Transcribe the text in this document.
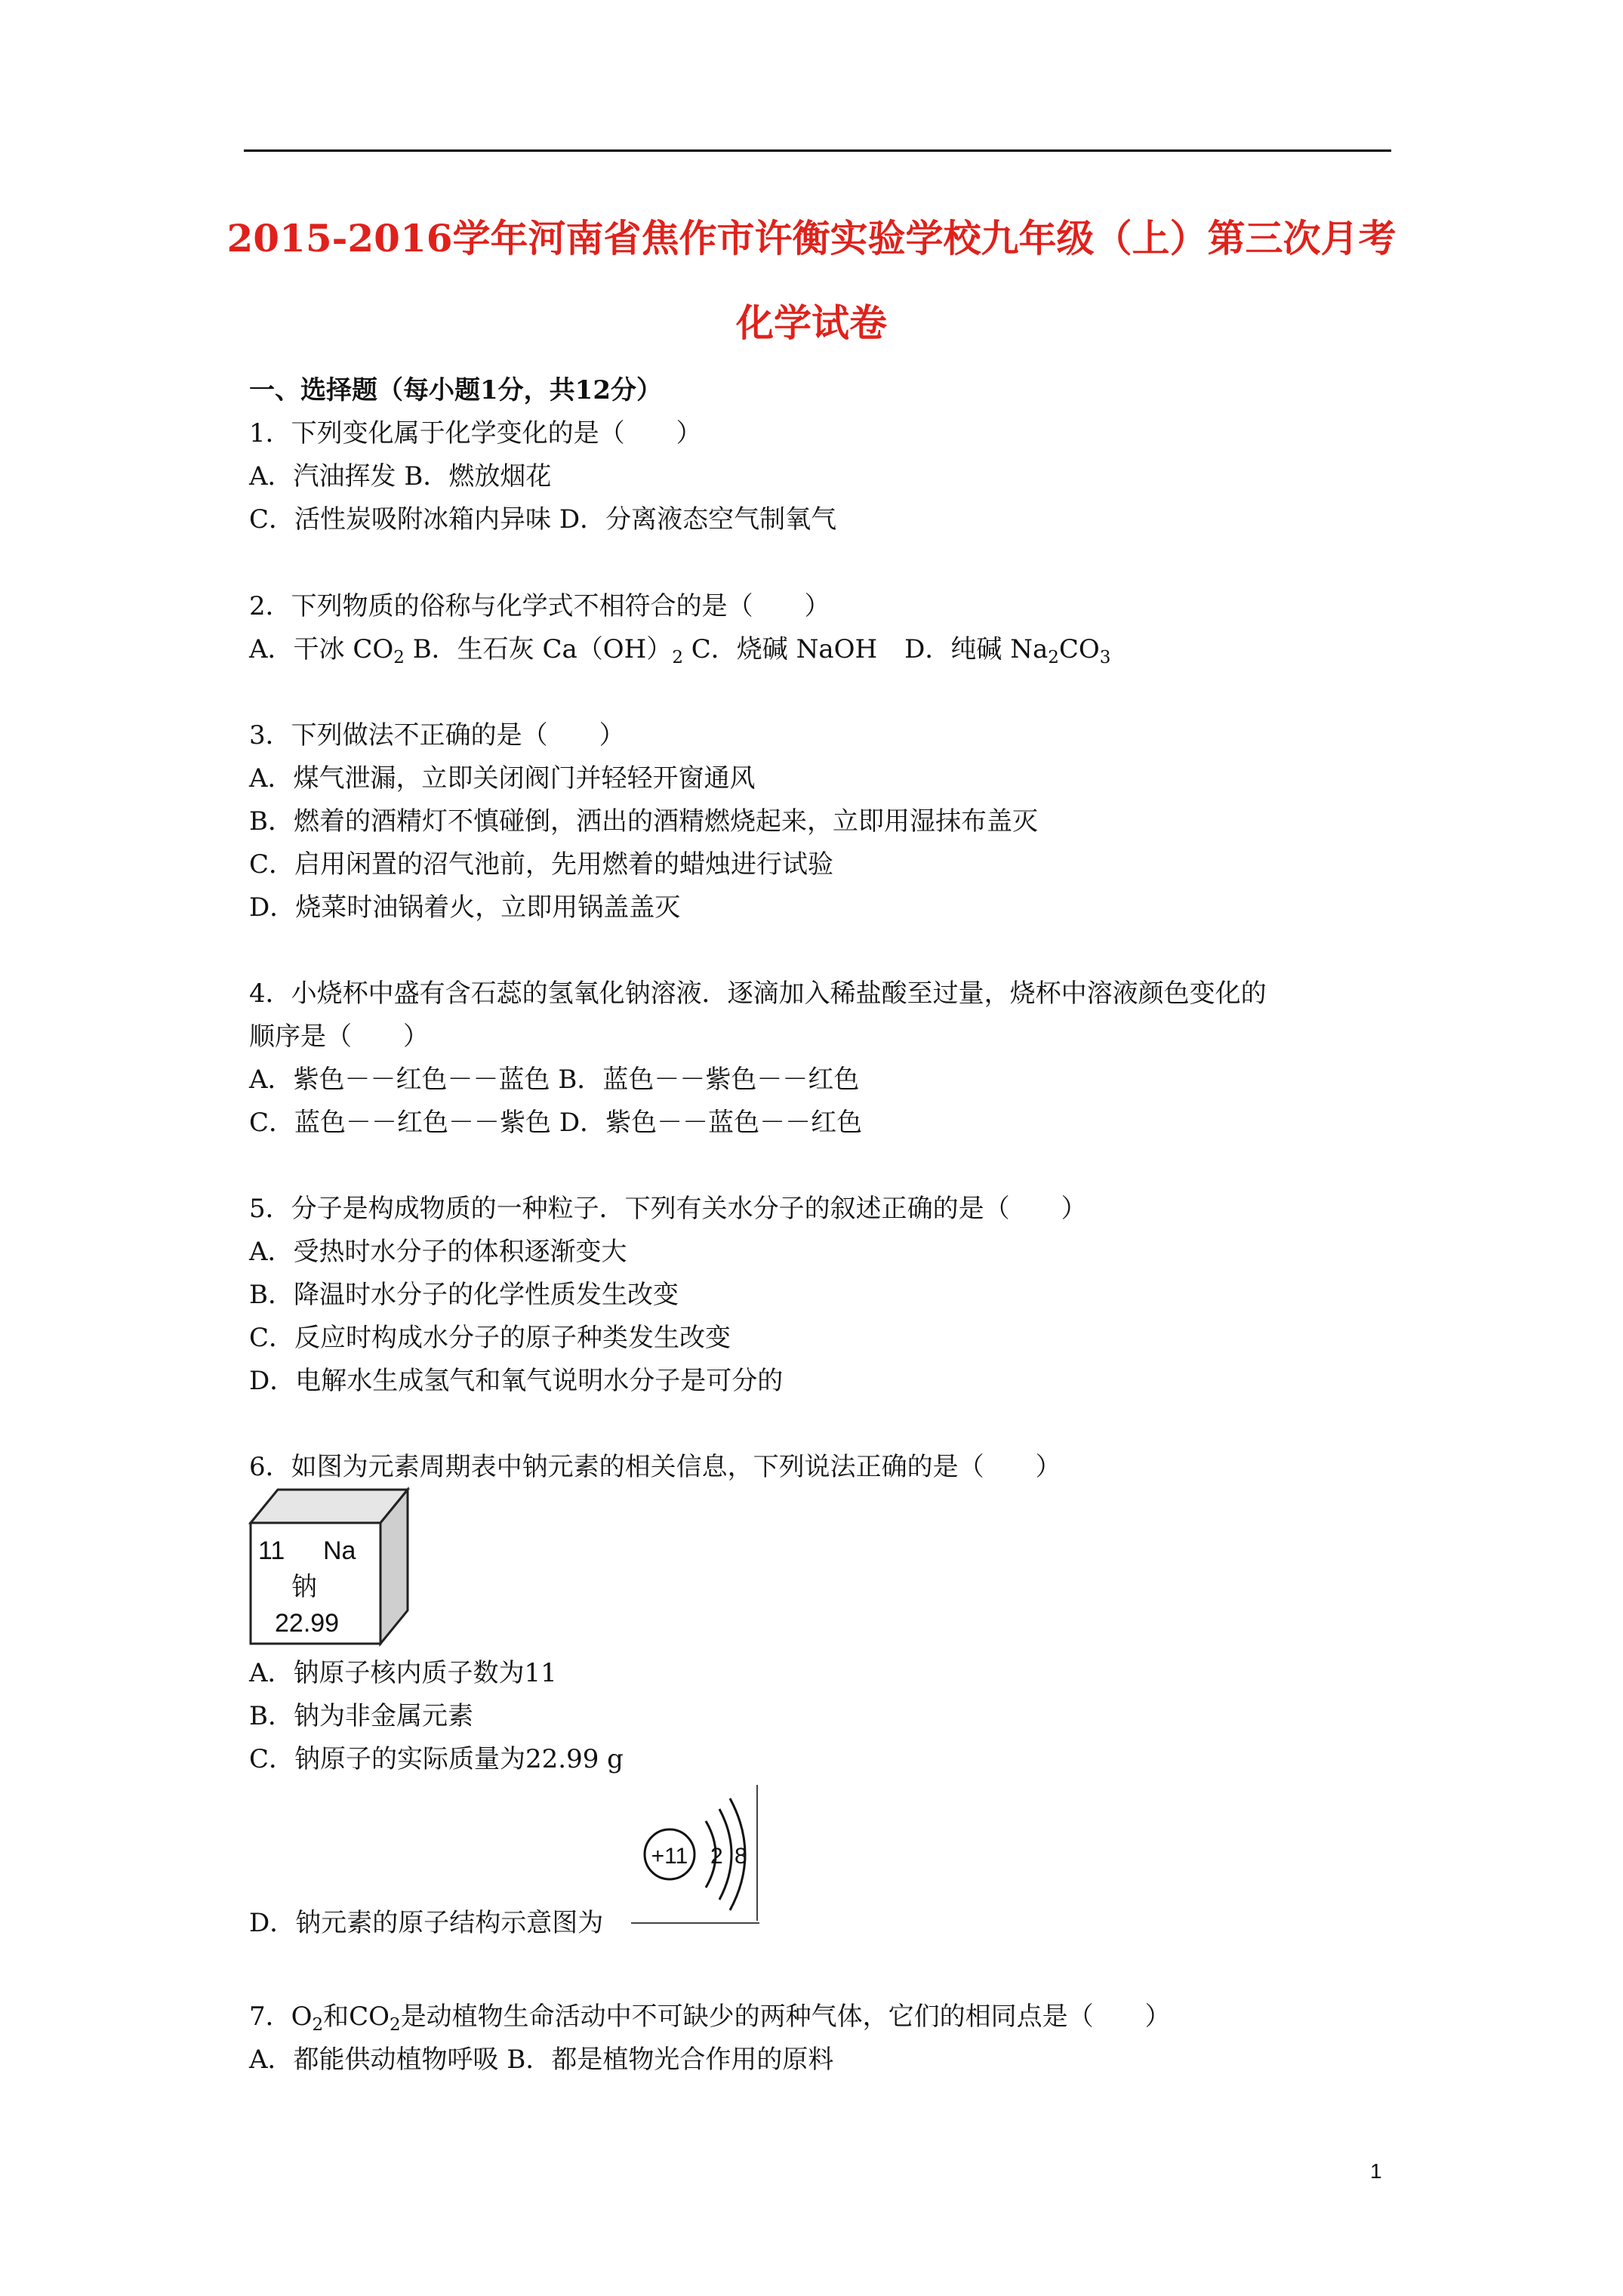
2015-2016学年河南省焦作市许衡实验学校九年级（上）第三次月考
化学试卷
一、选择题（每小题1分，共12分）
1．下列变化属于化学变化的是（　　）
A．汽油挥发 B．燃放烟花
C．活性炭吸附冰箱内异味 D．分离液态空气制氧气
2．下列物质的俗称与化学式不相符合的是（　　）
A．干冰 $CO_2$ B．生石灰 $Ca(OH)_2$ C．烧碱 NaOH D．纯碱 $Na_2CO_3$
3．下列做法不正确的是（　　）
A．煤气泄漏，立即关闭阀门并轻轻开窗通风
B．燃着的酒精灯不慎碰倒，洒出的酒精燃烧起来，立即用湿抹布盖灭
C．启用闲置的沼气池前，先用燃着的蜡烛进行试验
D．烧菜时油锅着火，立即用锅盖盖灭
4．小烧杯中盛有含石蕊的氢氧化钠溶液．逐滴加入稀盐酸至过量，烧杯中溶液颜色变化的
顺序是（　　）
A．紫色－－红色－－蓝色 B．蓝色－－紫色－－红色
C．蓝色－－红色－－紫色 D．紫色－－蓝色－－红色
5．分子是构成物质的一种粒子．下列有关水分子的叙述正确的是（　　）
A．受热时水分子的体积逐渐变大
B．降温时水分子的化学性质发生改变
C．反应时构成水分子的原子种类发生改变
D．电解水生成氢气和氧气说明水分子是可分的
6．如图为元素周期表中钠元素的相关信息，下列说法正确的是（　　）
11 Na
钠
22.99
A．钠原子核内质子数为11
B．钠为非金属元素
C．钠原子的实际质量为22.99 g
+11 2 8
D．钠元素的原子结构示意图为
7．$O_2$和$CO_2$是动植物生命活动中不可缺少的两种气体，它们的相同点是（　　）
A．都能供动植物呼吸 B．都是植物光合作用的原料
1
